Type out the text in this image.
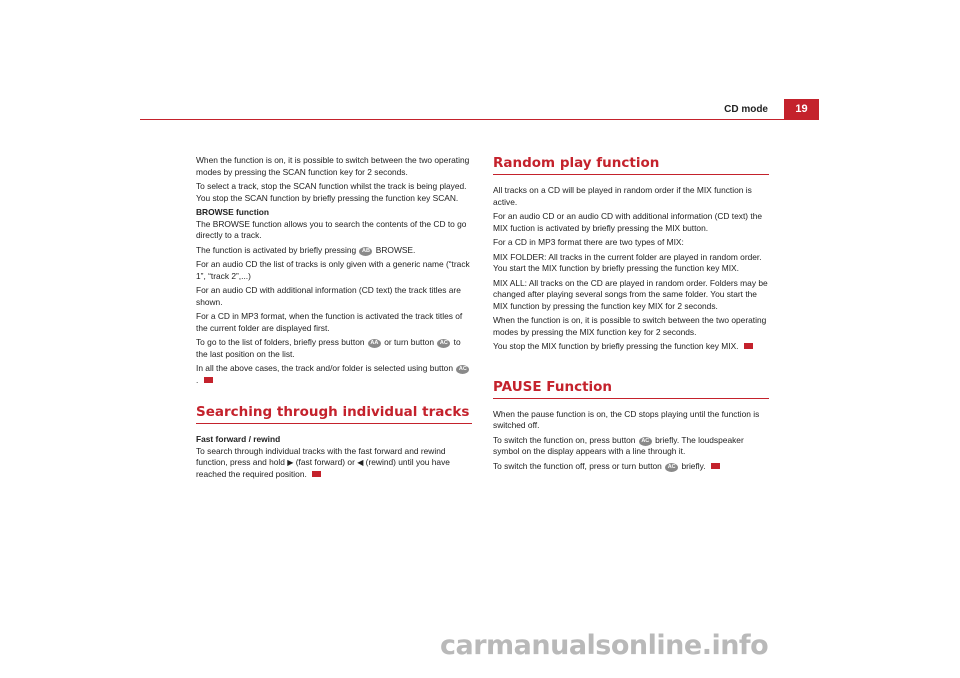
CD mode	19

When the function is on, it is possible to switch between the two operating modes by pressing the SCAN function key for 2 seconds.

To select a track, stop the SCAN function whilst the track is being played. You stop the SCAN function by briefly pressing the function key SCAN.

BROWSE function

The BROWSE function allows you to search the contents of the CD to go directly to a track.

The function is activated by briefly pressing AB BROWSE.

For an audio CD the list of tracks is only given with a generic name (“track 1”, “track 2”,...)

For an audio CD with additional information (CD text) the track titles are shown.

For a CD in MP3 format, when the function is activated the track titles of the current folder are displayed first.

To go to the list of folders, briefly press button AA or turn button AC to the last position on the list.

In all the above cases, the track and/or folder is selected using button AC.

Searching through individual tracks

Fast forward / rewind

To search through individual tracks with the fast forward and rewind function, press and hold ▶ (fast forward) or ◀ (rewind) until you have reached the required position.

Random play function

All tracks on a CD will be played in random order if the MIX function is active.

For an audio CD or an audio CD with additional information (CD text) the MIX fuction is activated by briefly pressing the MIX button.

For a CD in MP3 format there are two types of MIX:

MIX FOLDER: All tracks in the current folder are played in random order. You start the MIX function by briefly pressing the function key MIX.

MIX ALL: All tracks on the CD are played in random order. Folders may be changed after playing several songs from the same folder. You start the MIX function by pressing the function key MIX for 2 seconds.

When the function is on, it is possible to switch between the two operating modes by pressing the MIX function key for 2 seconds.

You stop the MIX function by briefly pressing the function key MIX.

PAUSE Function

When the pause function is on, the CD stops playing until the function is switched off.

To switch the function on, press button AC briefly. The loudspeaker symbol on the display appears with a line through it.

To switch the function off, press or turn button AC briefly.

carmanualsonline.info
